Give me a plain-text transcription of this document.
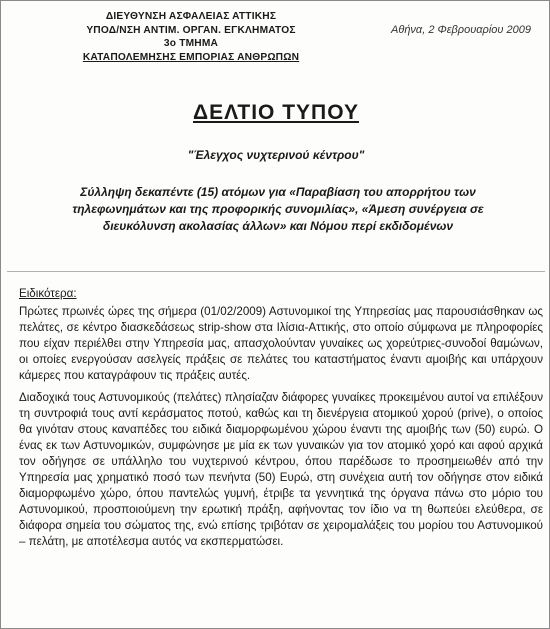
ΔΙΕΥΘΥΝΣΗ ΑΣΦΑΛΕΙΑΣ ΑΤΤΙΚΗΣ
ΥΠΟΔ/ΝΣΗ ΑΝΤΙΜ. ΟΡΓΑΝ. ΕΓΚΛΗΜΑΤΟΣ
3ο ΤΜΗΜΑ
ΚΑΤΑΠΟΛΕΜΗΣΗΣ ΕΜΠΟΡΙΑΣ ΑΝΘΡΩΠΩΝ
Αθήνα, 2 Φεβρουαρίου 2009
ΔΕΛΤΙΟ ΤΥΠΟΥ
"Έλεγχος νυχτερινού κέντρου"
Σύλληψη δεκαπέντε (15) ατόμων για «Παραβίαση του απορρήτου των τηλεφωνημάτων και της προφορικής συνομιλίας», «Άμεση συνέργεια σε διευκόλυνση ακολασίας άλλων» και Νόμου περί εκδιδομένων
Ειδικότερα:
Πρώτες πρωινές ώρες της σήμερα (01/02/2009) Αστυνομικοί της Υπηρεσίας μας παρουσιάσθηκαν ως πελάτες, σε κέντρο διασκεδάσεως strip-show στα Ιλίσια-Αττικής, στο οποίο σύμφωνα με πληροφορίες που είχαν περιέλθει στην Υπηρεσία μας, απασχολούνταν γυναίκες ως χορεύτριες-συνοδοί θαμώνων, οι οποίες ενεργούσαν ασελγείς πράξεις σε πελάτες του καταστήματος έναντι αμοιβής και υπάρχουν κάμερες που καταγράφουν τις πράξεις αυτές.
Διαδοχικά τους Αστυνομικούς (πελάτες) πλησίαζαν διάφορες γυναίκες προκειμένου αυτοί να επιλέξουν τη συντροφιά τους αντί κεράσματος ποτού, καθώς και τη διενέργεια ατομικού χορού (prive), ο οποίος θα γινόταν στους καναπέδες του ειδικά διαμορφωμένου χώρου έναντι της αμοιβής των (50) ευρώ. Ο ένας εκ των Αστυνομικών, συμφώνησε με μία εκ των γυναικών για τον ατομικό χορό και αφού αρχικά τον οδήγησε σε υπάλληλο του νυχτερινού κέντρου, όπου παρέδωσε το προσημειωθέν από την Υπηρεσία μας χρηματικό ποσό των πενήντα (50) Ευρώ, στη συνέχεια αυτή τον οδήγησε στον ειδικά διαμορφωμένο χώρο, όπου παντελώς γυμνή, έτριβε τα γεννητικά της όργανα πάνω στο μόριο του Αστυνομικού, προσποιούμενη την ερωτική πράξη, αφήνοντας τον ίδιο να τη θωπεύει ελεύθερα, σε διάφορα σημεία του σώματος της, ενώ επίσης τριβόταν σε χειρομαλάξεις του μορίου του Αστυνομικού – πελάτη, με αποτέλεσμα αυτός να εκσπερματώσει.
